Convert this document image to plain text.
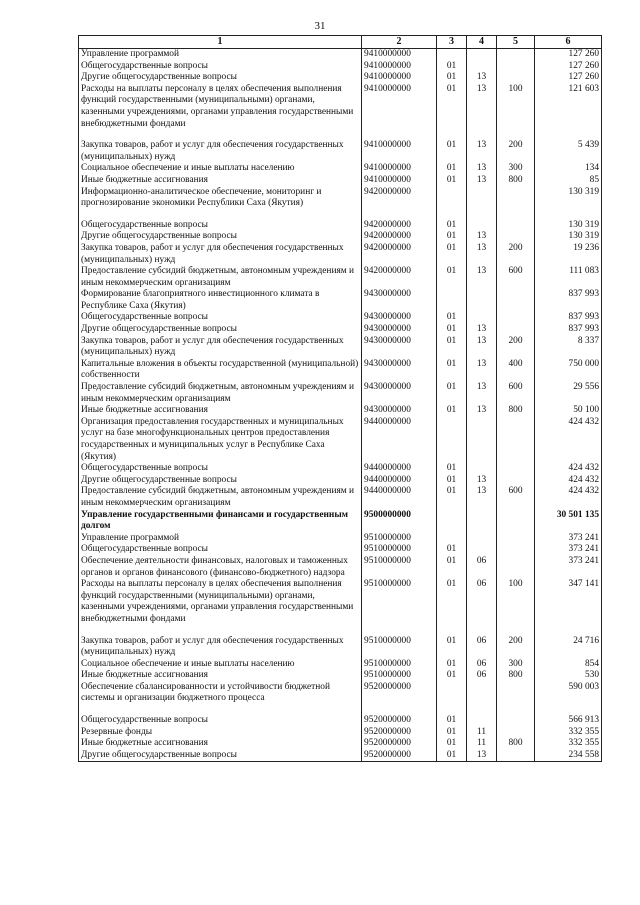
31
1	2	3	4	5	6
Управление программой	9410000000				127 260
Общегосударственные вопросы	9410000000	01			127 260
Другие общегосударственные вопросы	9410000000	01	13		127 260
Расходы на выплаты персоналу в целях обеспечения выполнения функций государственными (муниципальными) органами, казенными учреждениями, органами управления государственными внебюджетными фондами	9410000000	01	13	100	121 603

Закупка товаров, работ и услуг для обеспечения государственных (муниципальных) нужд	9410000000	01	13	200	5 439
Социальное обеспечение и иные выплаты населению	9410000000	01	13	300	134
Иные бюджетные ассигнования	9410000000	01	13	800	85
Информационно-аналитическое обеспечение, мониторинг и прогнозирование экономики Республики Саха (Якутия)	9420000000				130 319

Общегосударственные вопросы	9420000000	01			130 319
Другие общегосударственные вопросы	9420000000	01	13		130 319
Закупка товаров, работ и услуг для обеспечения государственных (муниципальных) нужд	9420000000	01	13	200	19 236
Предоставление субсидий бюджетным, автономным учреждениям и иным некоммерческим организациям	9420000000	01	13	600	111 083
Формирование благоприятного инвестиционного климата в Республике Саха (Якутия)	9430000000				837 993
Общегосударственные вопросы	9430000000	01			837 993
Другие общегосударственные вопросы	9430000000	01	13		837 993
Закупка товаров, работ и услуг для обеспечения государственных (муниципальных) нужд	9430000000	01	13	200	8 337
Капитальные вложения в объекты государственной (муниципальной) собственности	9430000000	01	13	400	750 000
Предоставление субсидий бюджетным, автономным учреждениям и иным некоммерческим организациям	9430000000	01	13	600	29 556
Иные бюджетные ассигнования	9430000000	01	13	800	50 100
Организация предоставления государственных и муниципальных услуг на базе многофункциональных центров предоставления государственных и муниципальных услуг в Республике Саха (Якутия)	9440000000				424 432
Общегосударственные вопросы	9440000000	01			424 432
Другие общегосударственные вопросы	9440000000	01	13		424 432
Предоставление субсидий бюджетным, автономным учреждениям и иным некоммерческим организациям	9440000000	01	13	600	424 432
Управление государственными финансами и государственным долгом	9500000000				30 501 135
Управление программой	9510000000				373 241
Общегосударственные вопросы	9510000000	01			373 241
Обеспечение деятельности финансовых, налоговых и таможенных органов и органов финансового (финансово-бюджетного) надзора	9510000000	01	06		373 241
Расходы на выплаты персоналу в целях обеспечения выполнения функций государственными (муниципальными) органами, казенными учреждениями, органами управления государственными внебюджетными фондами	9510000000	01	06	100	347 141

Закупка товаров, работ и услуг для обеспечения государственных (муниципальных) нужд	9510000000	01	06	200	24 716
Социальное обеспечение и иные выплаты населению	9510000000	01	06	300	854
Иные бюджетные ассигнования	9510000000	01	06	800	530
Обеспечение сбалансированности и устойчивости бюджетной системы и организации бюджетного процесса	9520000000				590 003

Общегосударственные вопросы	9520000000	01			566 913
Резервные фонды	9520000000	01	11		332 355
Иные бюджетные ассигнования	9520000000	01	11	800	332 355
Другие общегосударственные вопросы	9520000000	01	13		234 558
